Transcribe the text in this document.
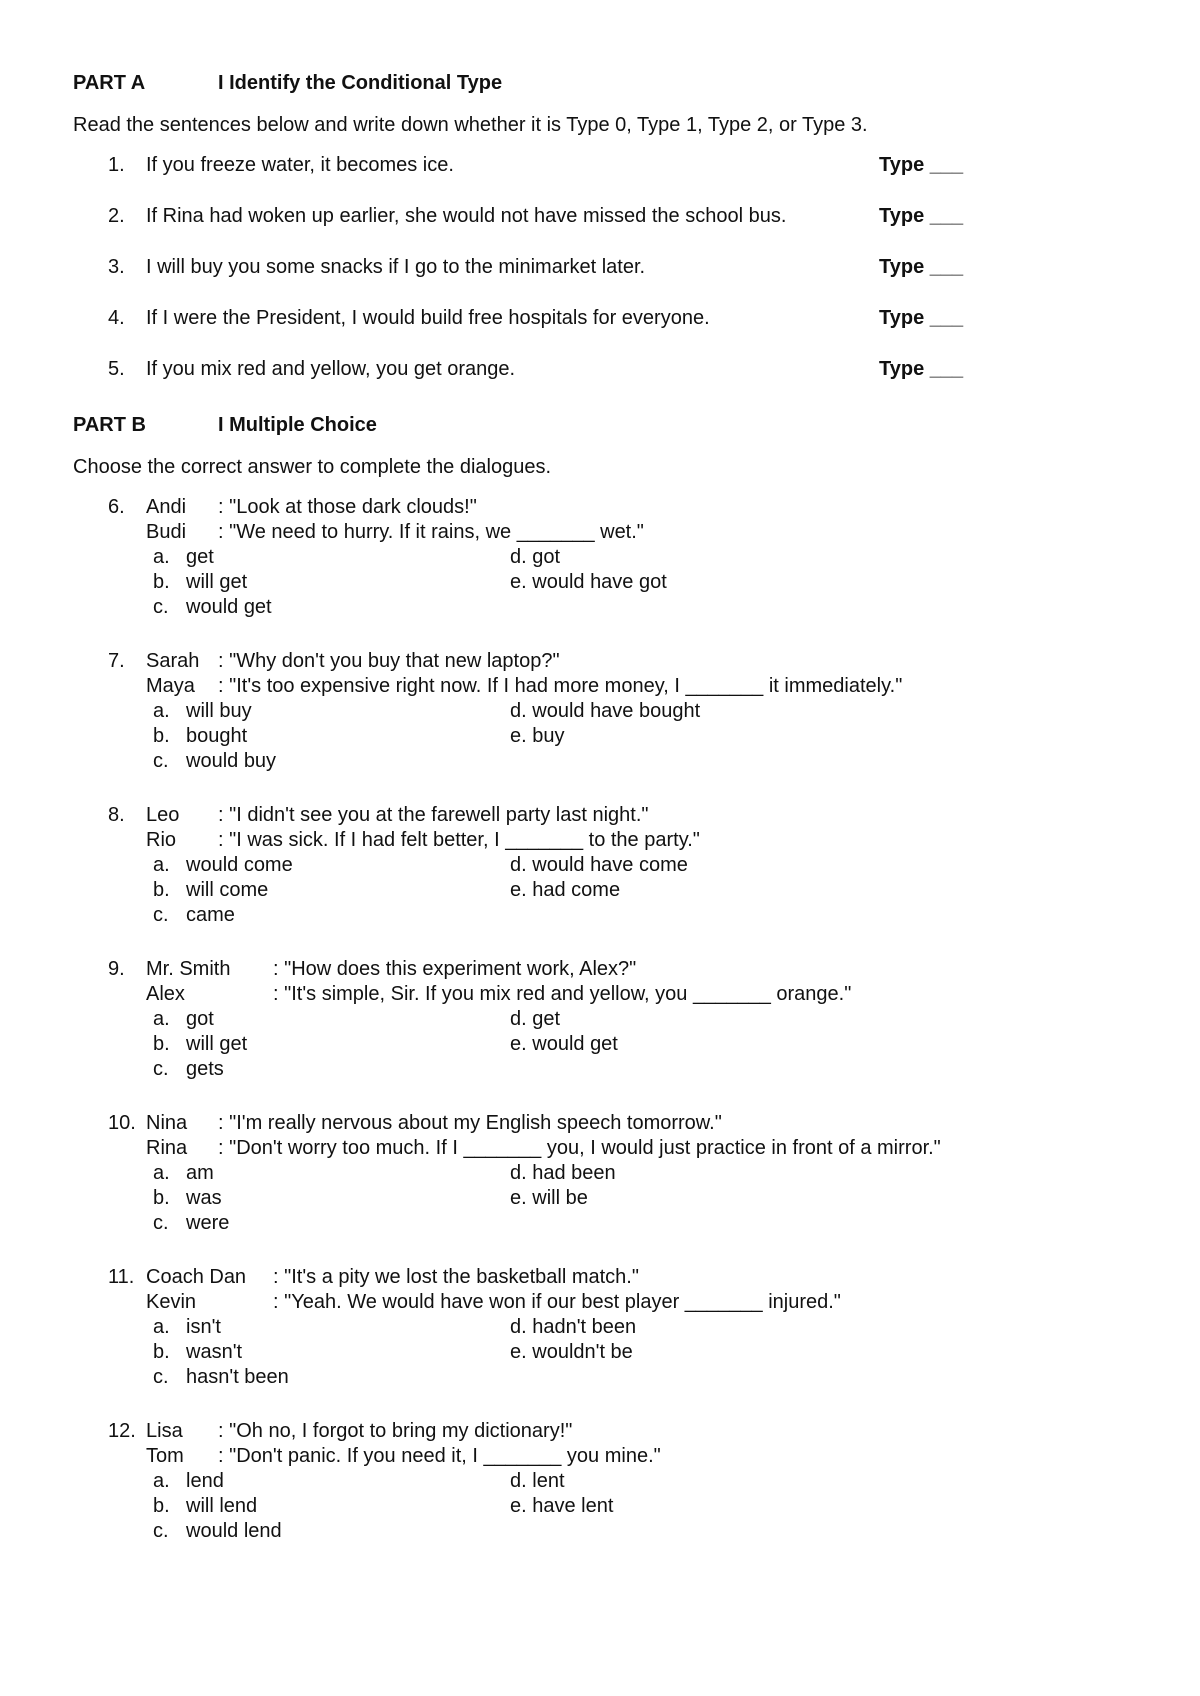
PART A	I Identify the Conditional Type
Read the sentences below and write down whether it is Type 0, Type 1, Type 2, or Type 3.
1.	If you freeze water, it becomes ice.	Type ___
2.	If Rina had woken up earlier, she would not have missed the school bus.	Type ___
3.	I will buy you some snacks if I go to the minimarket later.	Type ___
4.	If I were the President, I would build free hospitals for everyone.	Type ___
5.	If you mix red and yellow, you get orange.	Type ___
PART B	I Multiple Choice
Choose the correct answer to complete the dialogues.
6. Andi : "Look at those dark clouds!"
Budi : "We need to hurry. If it rains, we _______ wet."
a. get
b. will get
c. would get
d. got
e. would have got
7. Sarah : "Why don't you buy that new laptop?"
Maya : "It's too expensive right now. If I had more money, I _______ it immediately."
a. will buy
b. bought
c. would buy
d. would have bought
e. buy
8. Leo : "I didn't see you at the farewell party last night."
Rio : "I was sick. If I had felt better, I _______ to the party."
a. would come
b. will come
c. came
d. would have come
e. had come
9. Mr. Smith : "How does this experiment work, Alex?"
Alex	: "It's simple, Sir. If you mix red and yellow, you _______ orange."
a. got
b. will get
c. gets
d. get
e. would get
10. Nina : "I'm really nervous about my English speech tomorrow."
Rina : "Don't worry too much. If I _______ you, I would just practice in front of a mirror."
a. am
b. was
c. were
d. had been
e. will be
11. Coach Dan : "It's a pity we lost the basketball match."
Kevin	: "Yeah. We would have won if our best player _______ injured."
a. isn't
b. wasn't
c. hasn't been
d. hadn't been
e. wouldn't be
12. Lisa : "Oh no, I forgot to bring my dictionary!"
Tom : "Don't panic. If you need it, I _______ you mine."
a. lend
b. will lend
c. would lend
d. lent
e. have lent
